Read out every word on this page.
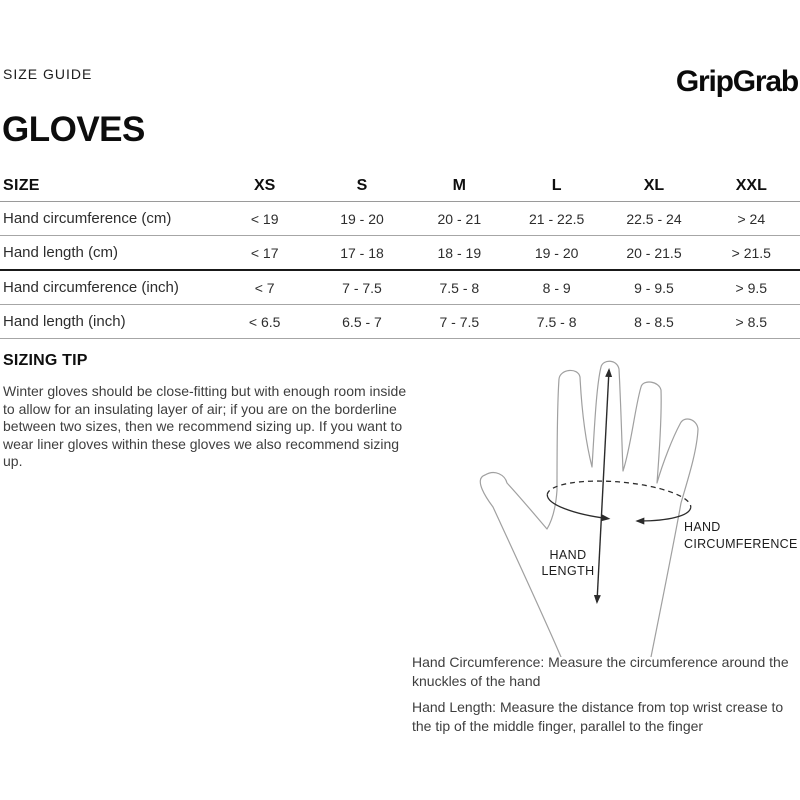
SIZE GUIDE	GripGrab
GLOVES
SIZE	XS	S	M	L	XL	XXL
Hand circumference (cm)	< 19	19 - 20	20 - 21	21 - 22.5	22.5 - 24	> 24
Hand length (cm)	< 17	17 - 18	18 - 19	19 - 20	20 - 21.5	> 21.5
Hand circumference (inch)	< 7	7 - 7.5	7.5 - 8	8 - 9	9 - 9.5	> 9.5
Hand length (inch)	< 6.5	6.5 - 7	7 - 7.5	7.5 - 8	8 - 8.5	> 8.5
SIZING TIP

Winter gloves should be close-fitting but with enough room inside to allow for an insulating layer of air; if you are on the borderline between two sizes, then we recommend sizing up. If you want to wear liner gloves within these gloves we also recommend sizing up.

HAND LENGTH
HAND CIRCUMFERENCE

Hand Circumference: Measure the circumference around the knuckles of the hand

Hand Length: Measure the distance from top wrist crease to the tip of the middle finger, parallel to the finger
